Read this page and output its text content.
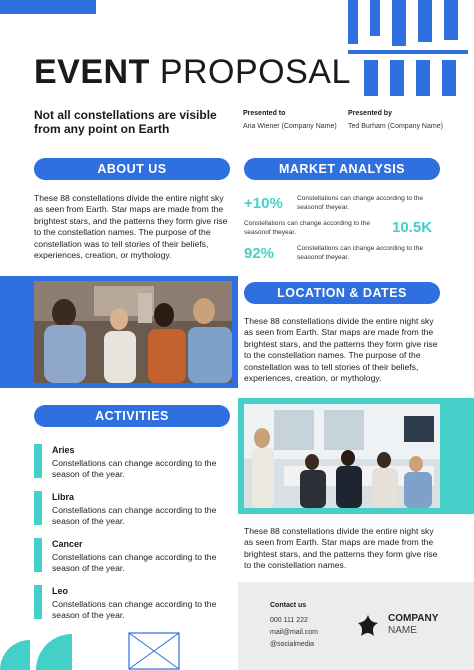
EVENT PROPOSAL
Not all constellations are visible from any point on Earth
Presented to
Ana Wiener (Company Name)
Presented by
Ted Burham (Company Name)
ABOUT US
These 88 constellations divide the entire night sky as seen from Earth. Star maps are made from the brightest stars, and the patterns they form give rise to the constellation names. The purpose of the constellation was to tell stories of their beliefs, experiences, creation, or mythology.
MARKET ANALYSIS
+10% Constellations can change according to the seasonof theyear.
Constellations can change according to the seasonof theyear.	10.5K
92%	Constellations can change according to the seasonof theyear.
LOCATION & DATES
These 88 constellations divide the entire night sky as seen from Earth. Star maps are made from the brightest stars, and the patterns they form give rise to the constellation names. The purpose of the constellation was to tell stories of their beliefs, experiences, creation, or mythology.
ACTIVITIES
Aries
Constellations can change according to the season of the year.
Libra
Constellations can change according to the season of the year.
Cancer
Constellations can change according to the season of the year.
Leo
Constellations can change according to the season of the year.
These 88 constellations divide the entire night sky as seen from Earth. Star maps are made from the brightest stars, and the patterns they form give rise to the constellation names.
Contact us
000 111 222
mail@mail.com
@socialmedia
COMPANY
NAME
